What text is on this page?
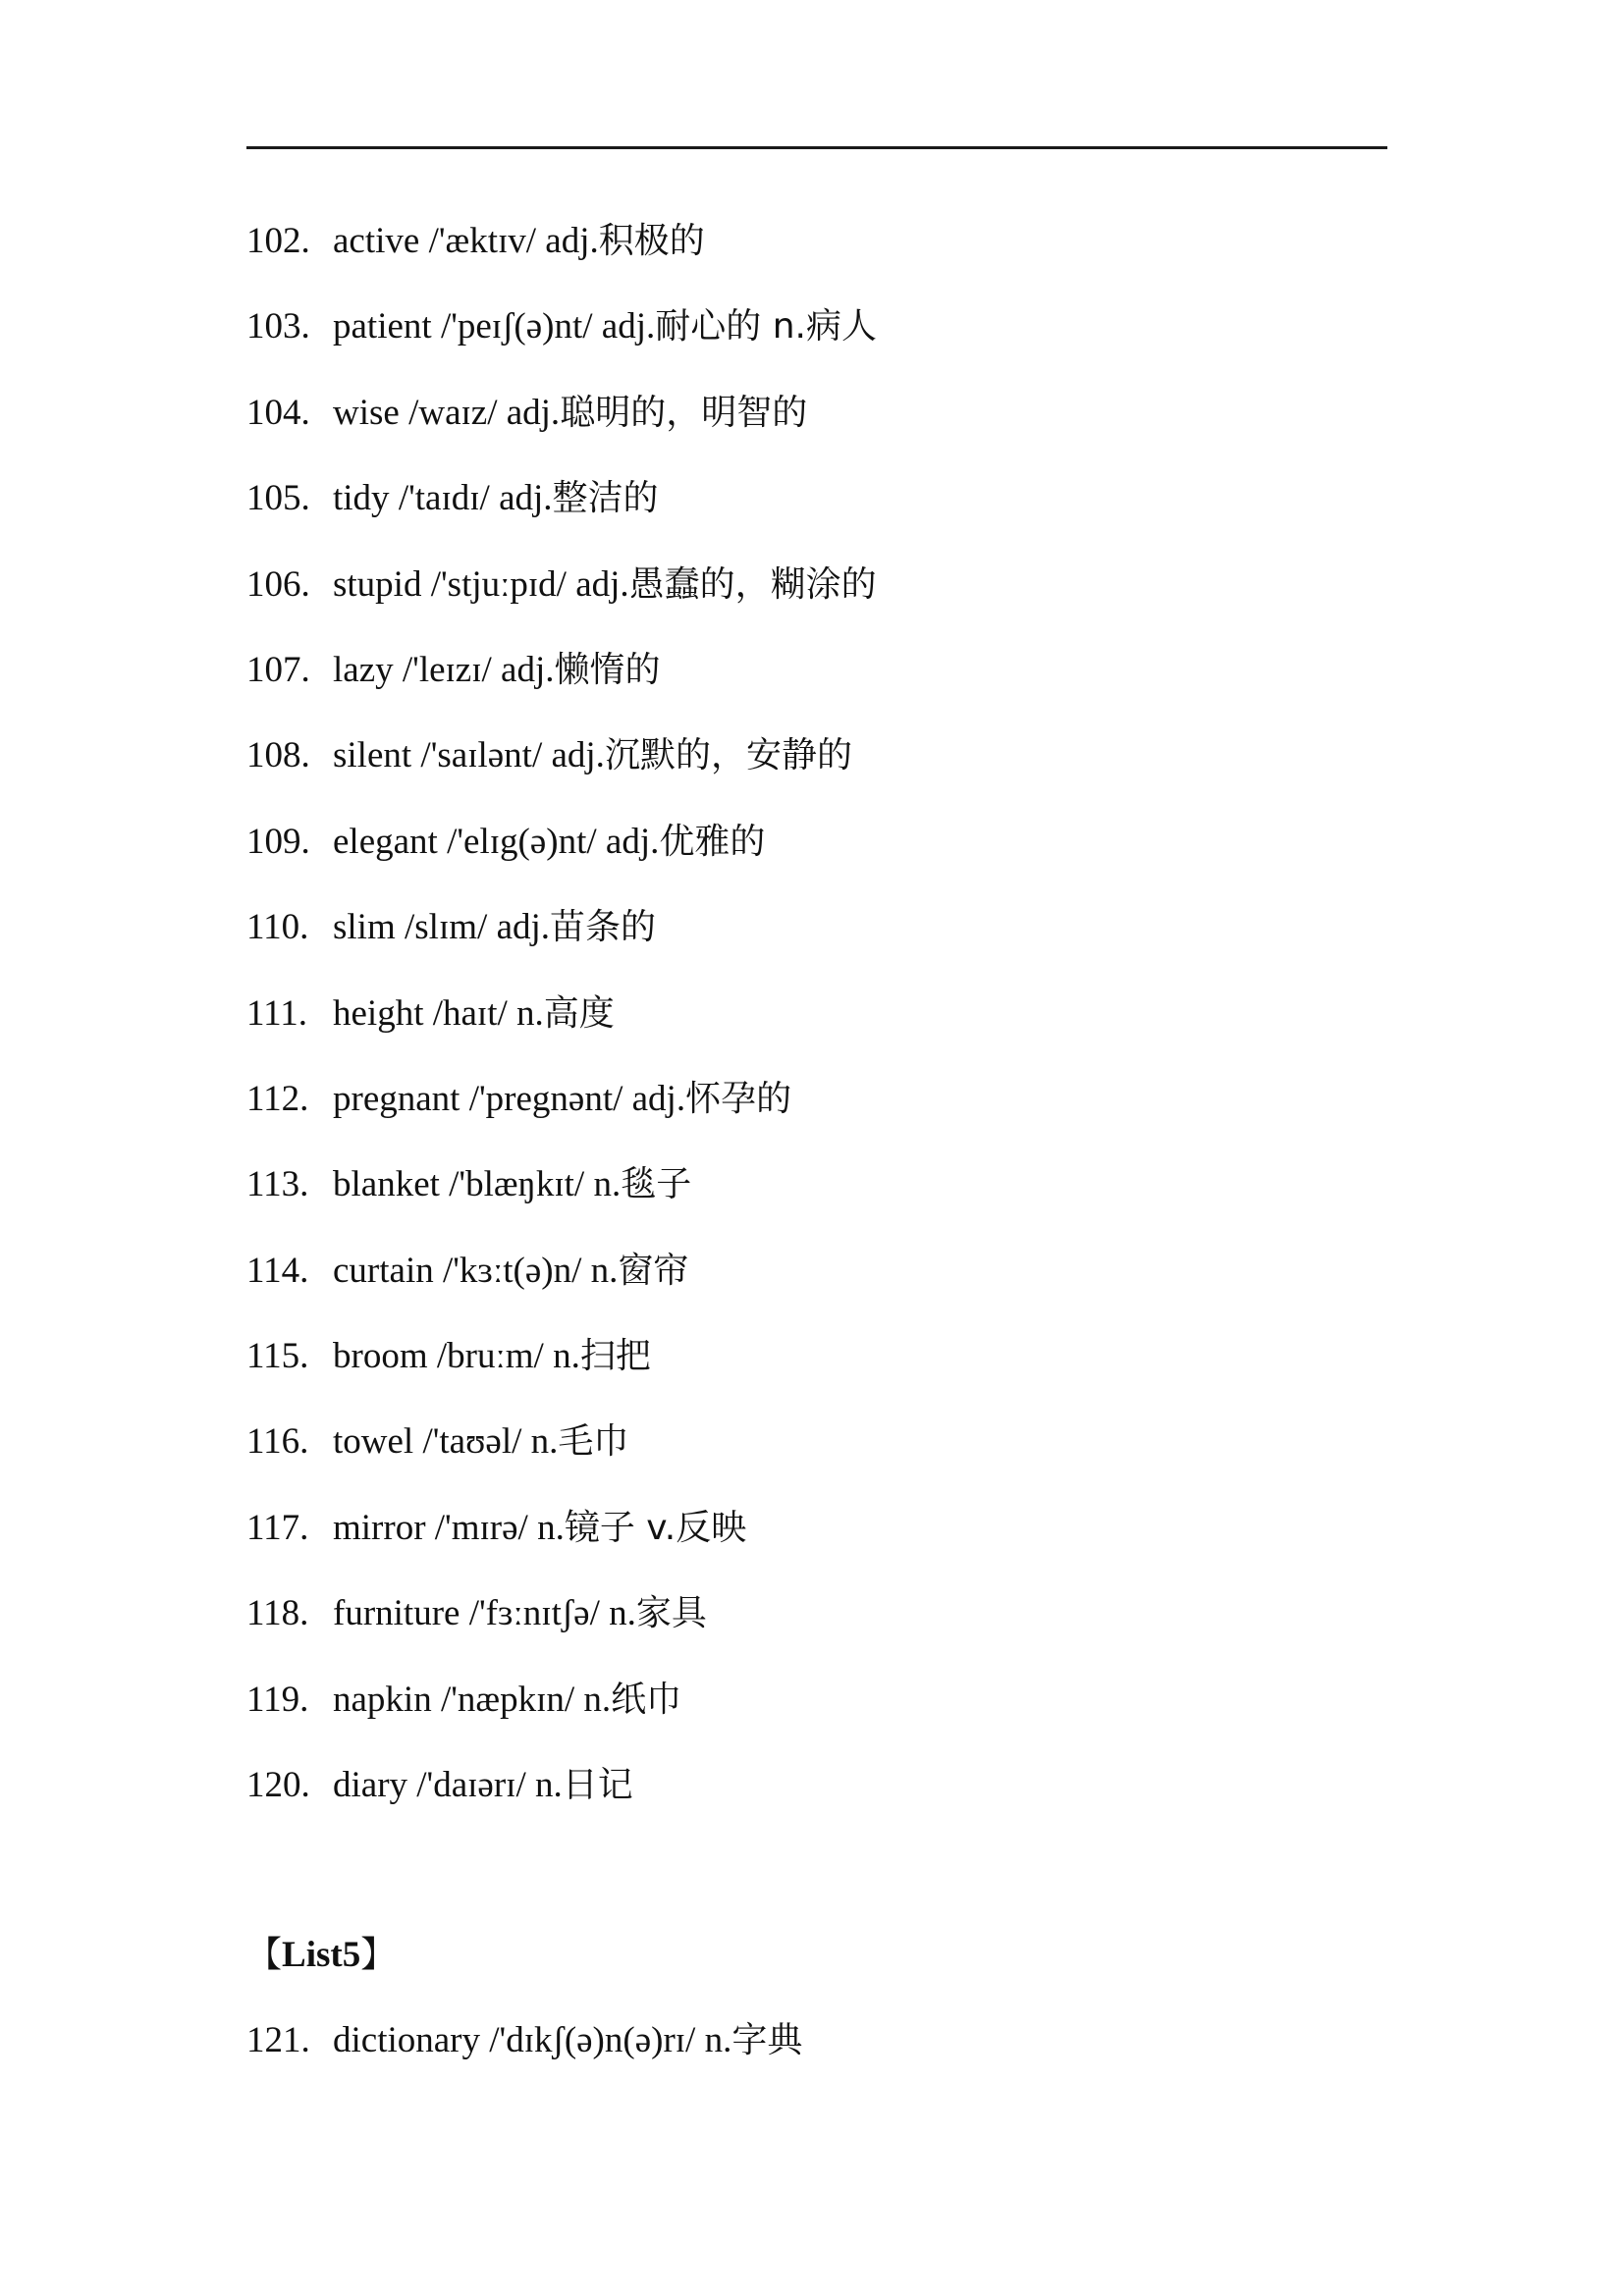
102. active /'æktɪv/ adj.积极的
103. patient /'peɪʃ(ə)nt/ adj.耐心的 n.病人
104. wise /waɪz/ adj.聪明的，明智的
105. tidy /'taɪdɪ/ adj.整洁的
106. stupid /'stjuːpɪd/ adj.愚蠢的，糊涂的
107. lazy /'leɪzɪ/ adj.懒惰的
108. silent /'saɪlənt/ adj.沉默的，安静的
109. elegant /'elɪg(ə)nt/ adj.优雅的
110. slim /slɪm/ adj.苗条的
111. height /haɪt/ n.高度
112. pregnant /'pregnənt/ adj.怀孕的
113. blanket /'blæŋkɪt/ n.毯子
114. curtain /'kɜːt(ə)n/ n.窗帘
115. broom /bruːm/ n.扫把
116. towel /'taʊəl/ n.毛巾
117. mirror /'mɪrə/ n.镜子 v.反映
118. furniture /'fɜːnɪtʃə/ n.家具
119. napkin /'næpkɪn/ n.纸巾
120. diary /'daɪərɪ/ n.日记
【List5】
121. dictionary /'dɪkʃ(ə)n(ə)rɪ/ n.字典
